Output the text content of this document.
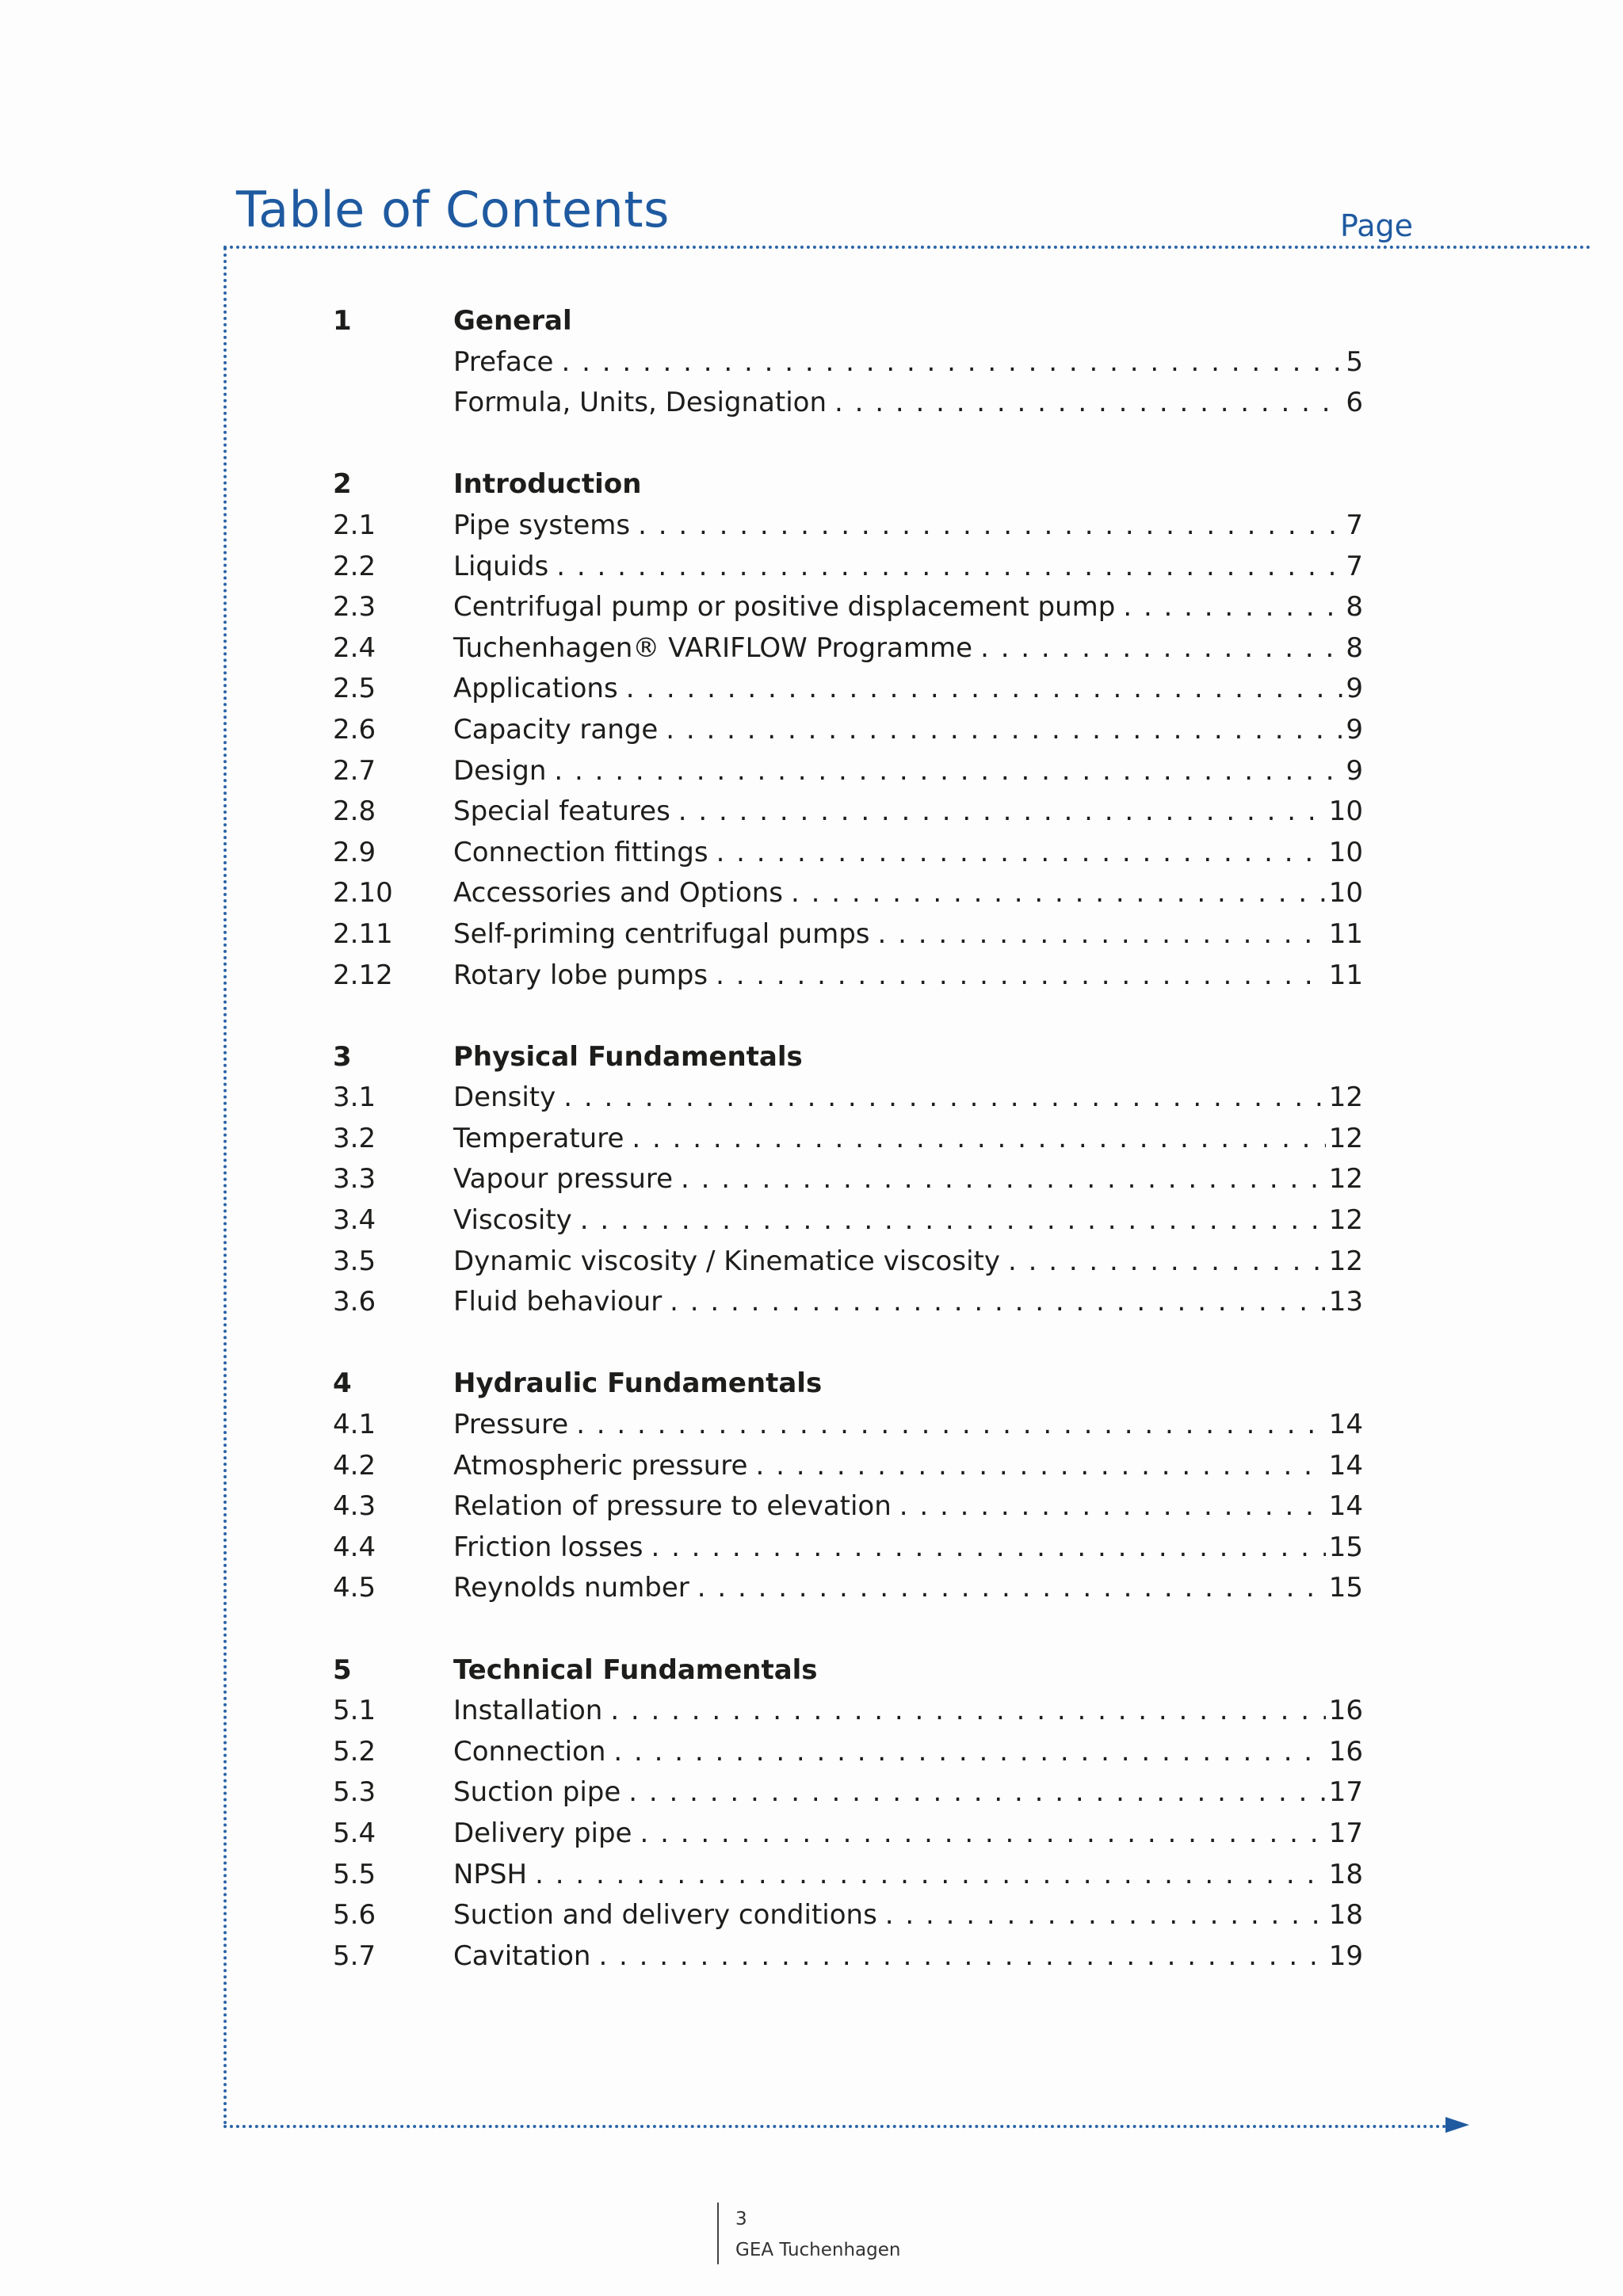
Table of Contents	Page
1	General
Preface . . .	5
Formula, Units, Designation . . .	6
2	Introduction
2.1	Pipe systems . . .	7
2.2	Liquids . . .	7
2.3	Centrifugal pump or positive displacement pump . . .	8
2.4	Tuchenhagen® VARIFLOW Programme . . .	8
2.5	Applications . . .	9
2.6	Capacity range . . .	9
2.7	Design . . .	9
2.8	Special features . . .	10
2.9	Connection fittings . . .	10
2.10	Accessories and Options . . .	10
2.11	Self-priming centrifugal pumps . . .	11
2.12	Rotary lobe pumps . . .	11
3	Physical Fundamentals
3.1	Density . . .	12
3.2	Temperature . . .	12
3.3	Vapour pressure . . .	12
3.4	Viscosity . . .	12
3.5	Dynamic viscosity / Kinematice viscosity . . .	12
3.6	Fluid behaviour . . .	13
4	Hydraulic Fundamentals
4.1	Pressure . . .	14
4.2	Atmospheric pressure . . .	14
4.3	Relation of pressure to elevation . . .	14
4.4	Friction losses . . .	15
4.5	Reynolds number . . .	15
5	Technical Fundamentals
5.1	Installation . . .	16
5.2	Connection . . .	16
5.3	Suction pipe . . .	17
5.4	Delivery pipe . . .	17
5.5	NPSH . . .	18
5.6	Suction and delivery conditions . . .	18
5.7	Cavitation . . .	19
3
GEA Tuchenhagen
